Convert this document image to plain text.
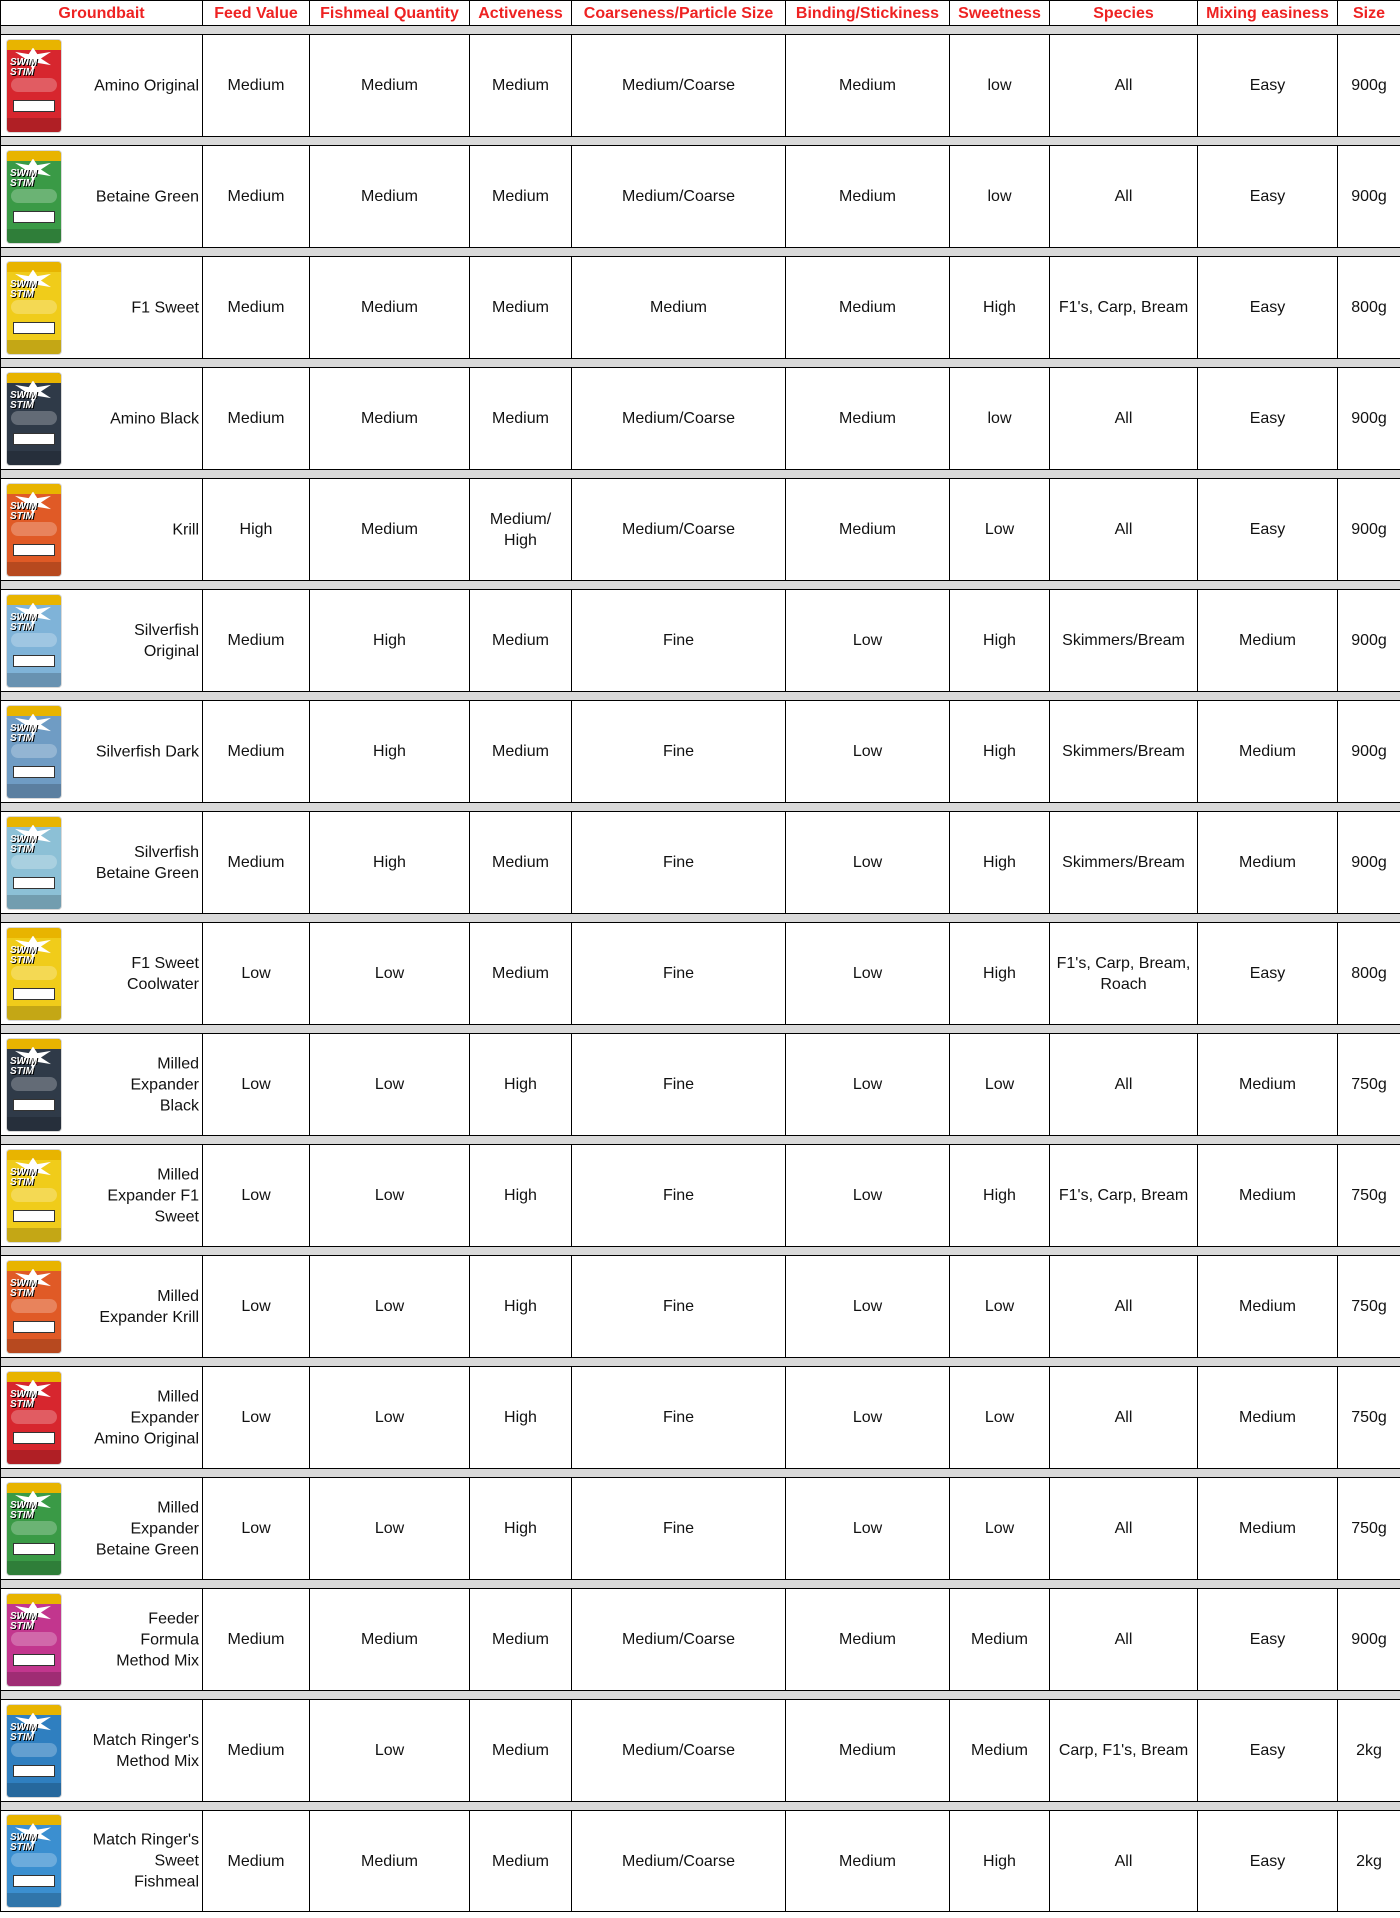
Groundbait	Feed Value	Fishmeal Quantity	Activeness	Coarseness/Particle Size	Binding/Stickiness	Sweetness	Species	Mixing easiness	Size

SWIM STIM
Amino Original	Medium	Medium	Medium	Medium/Coarse	Medium	low	All	Easy	900g

SWIM STIM
Betaine Green	Medium	Medium	Medium	Medium/Coarse	Medium	low	All	Easy	900g

SWIM STIM
F1 Sweet	Medium	Medium	Medium	Medium	Medium	High	F1's, Carp, Bream	Easy	800g

SWIM STIM
Amino Black	Medium	Medium	Medium	Medium/Coarse	Medium	low	All	Easy	900g

SWIM STIM
Krill	High	Medium	Medium/ High	Medium/Coarse	Medium	Low	All	Easy	900g

SWIM STIM Silverfish Original	Medium	High	Medium	Fine	Low	High	Skimmers/Bream	Medium	900g

SWIM STIM
Silverfish Dark	Medium	High	Medium	Fine	Low	High	Skimmers/Bream	Medium	900g

SWIM STIM Silverfish Betaine Green	Medium	High	Medium	Fine	Low	High	Skimmers/Bream	Medium	900g

SWIM STIM F1 Sweet Coolwater	Low	Low	Medium	Fine	Low	High	F1's, Carp, Bream, Roach	Easy	800g

SWIM STIM Milled Expander Black	Low	Low	High	Fine	Low	Low	All	Medium	750g

SWIM STIM Milled Expander F1 Sweet	Low	Low	High	Fine	Low	High	F1's, Carp, Bream	Medium	750g

SWIM STIM Milled Expander Krill	Low	Low	High	Fine	Low	Low	All	Medium	750g

SWIM STIM Milled Expander Amino Original	Low	Low	High	Fine	Low	Low	All	Medium	750g

SWIM STIM Milled Expander Betaine Green	Low	Low	High	Fine	Low	Low	All	Medium	750g

SWIM STIM Feeder Formula Method Mix	Medium	Medium	Medium	Medium/Coarse	Medium	Medium	All	Easy	900g

SWIM STIM Match Ringer's Method Mix	Medium	Low	Medium	Medium/Coarse	Medium	Medium	Carp, F1's, Bream	Easy	2kg

SWIM STIM Match Ringer's Sweet Fishmeal	Medium	Medium	Medium	Medium/Coarse	Medium	High	All	Easy	2kg
